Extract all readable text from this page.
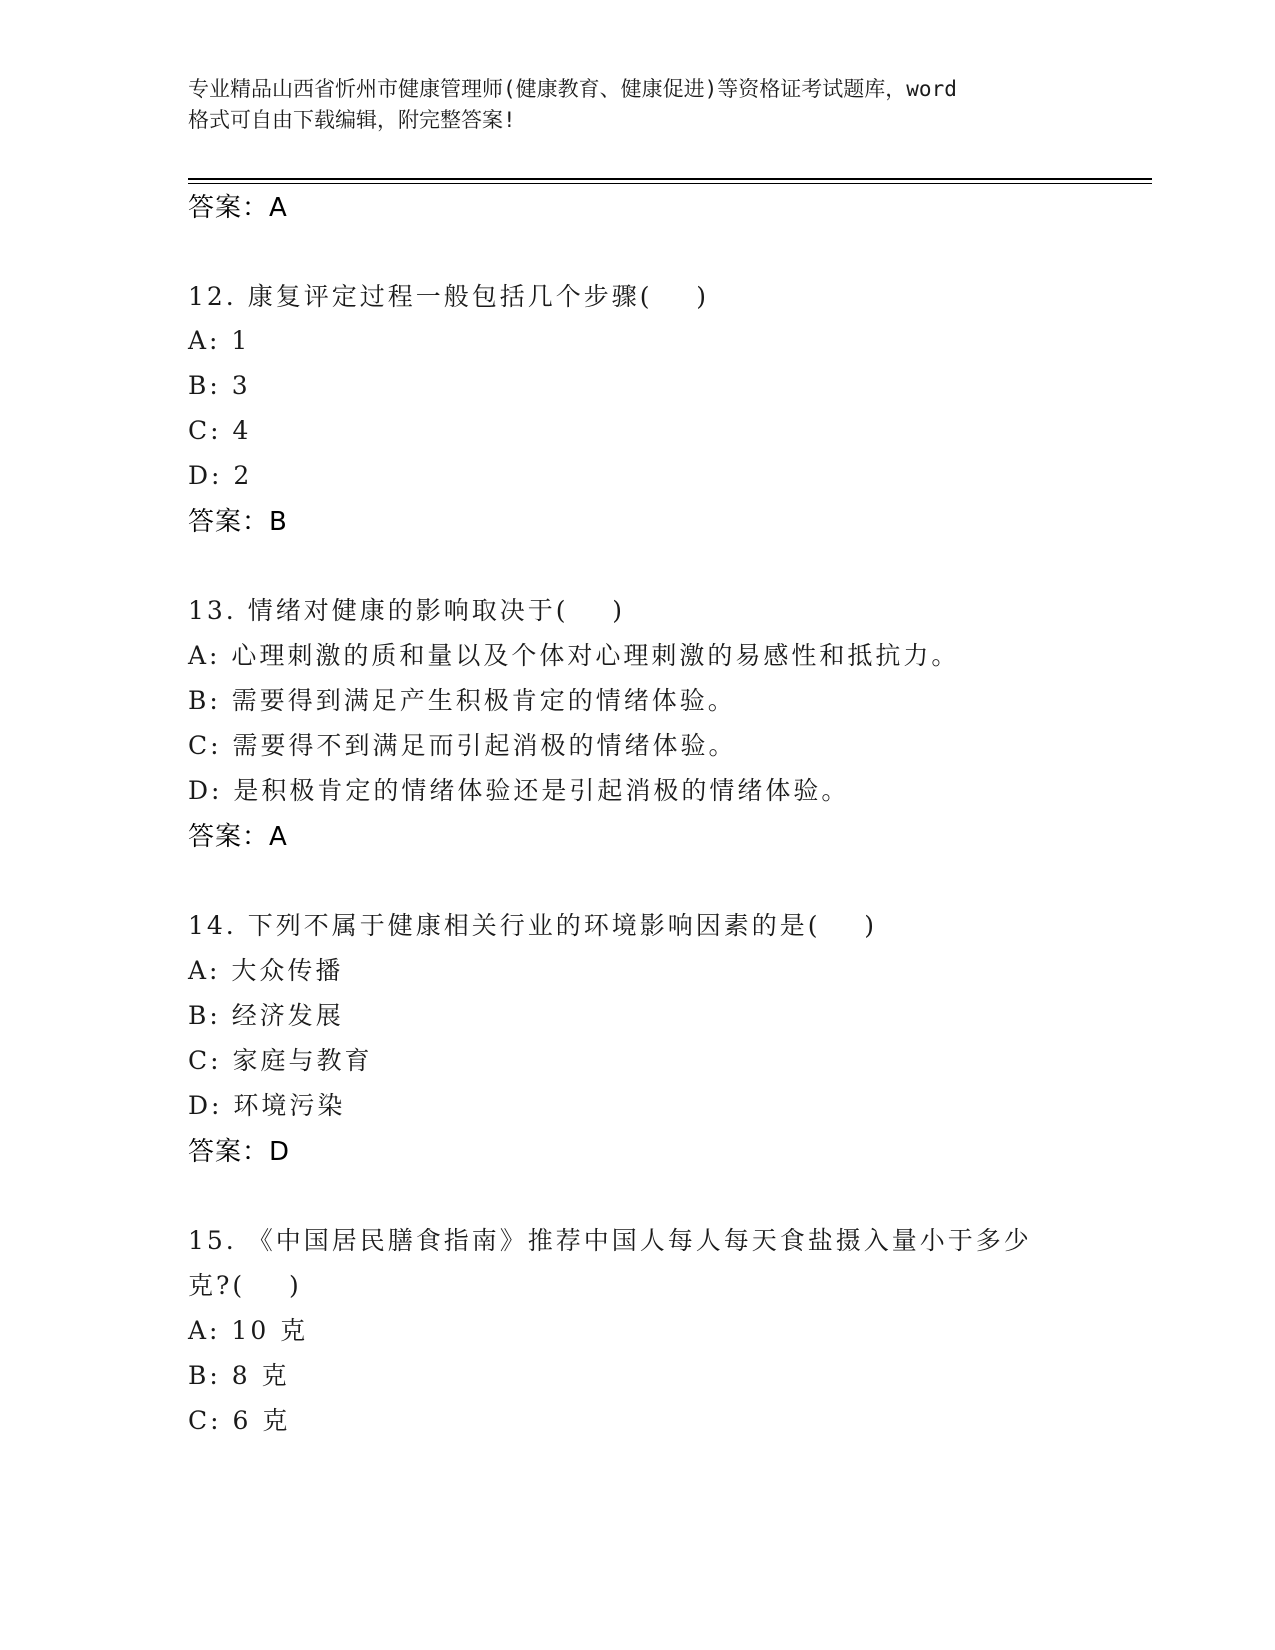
专业精品山西省忻州市健康管理师(健康教育、健康促进)等资格证考试题库，word
格式可自由下载编辑，附完整答案!
答案：A
12. 康复评定过程一般包括几个步骤(    )
A: 1
B: 3
C: 4
D: 2
答案：B
13. 情绪对健康的影响取决于(    )
A: 心理刺激的质和量以及个体对心理刺激的易感性和抵抗力。
B: 需要得到满足产生积极肯定的情绪体验。
C: 需要得不到满足而引起消极的情绪体验。
D: 是积极肯定的情绪体验还是引起消极的情绪体验。
答案：A
14. 下列不属于健康相关行业的环境影响因素的是(    )
A: 大众传播
B: 经济发展
C: 家庭与教育
D: 环境污染
答案：D
15. 《中国居民膳食指南》推荐中国人每人每天食盐摄入量小于多少
克?(    )
A: 10 克
B: 8 克
C: 6 克
